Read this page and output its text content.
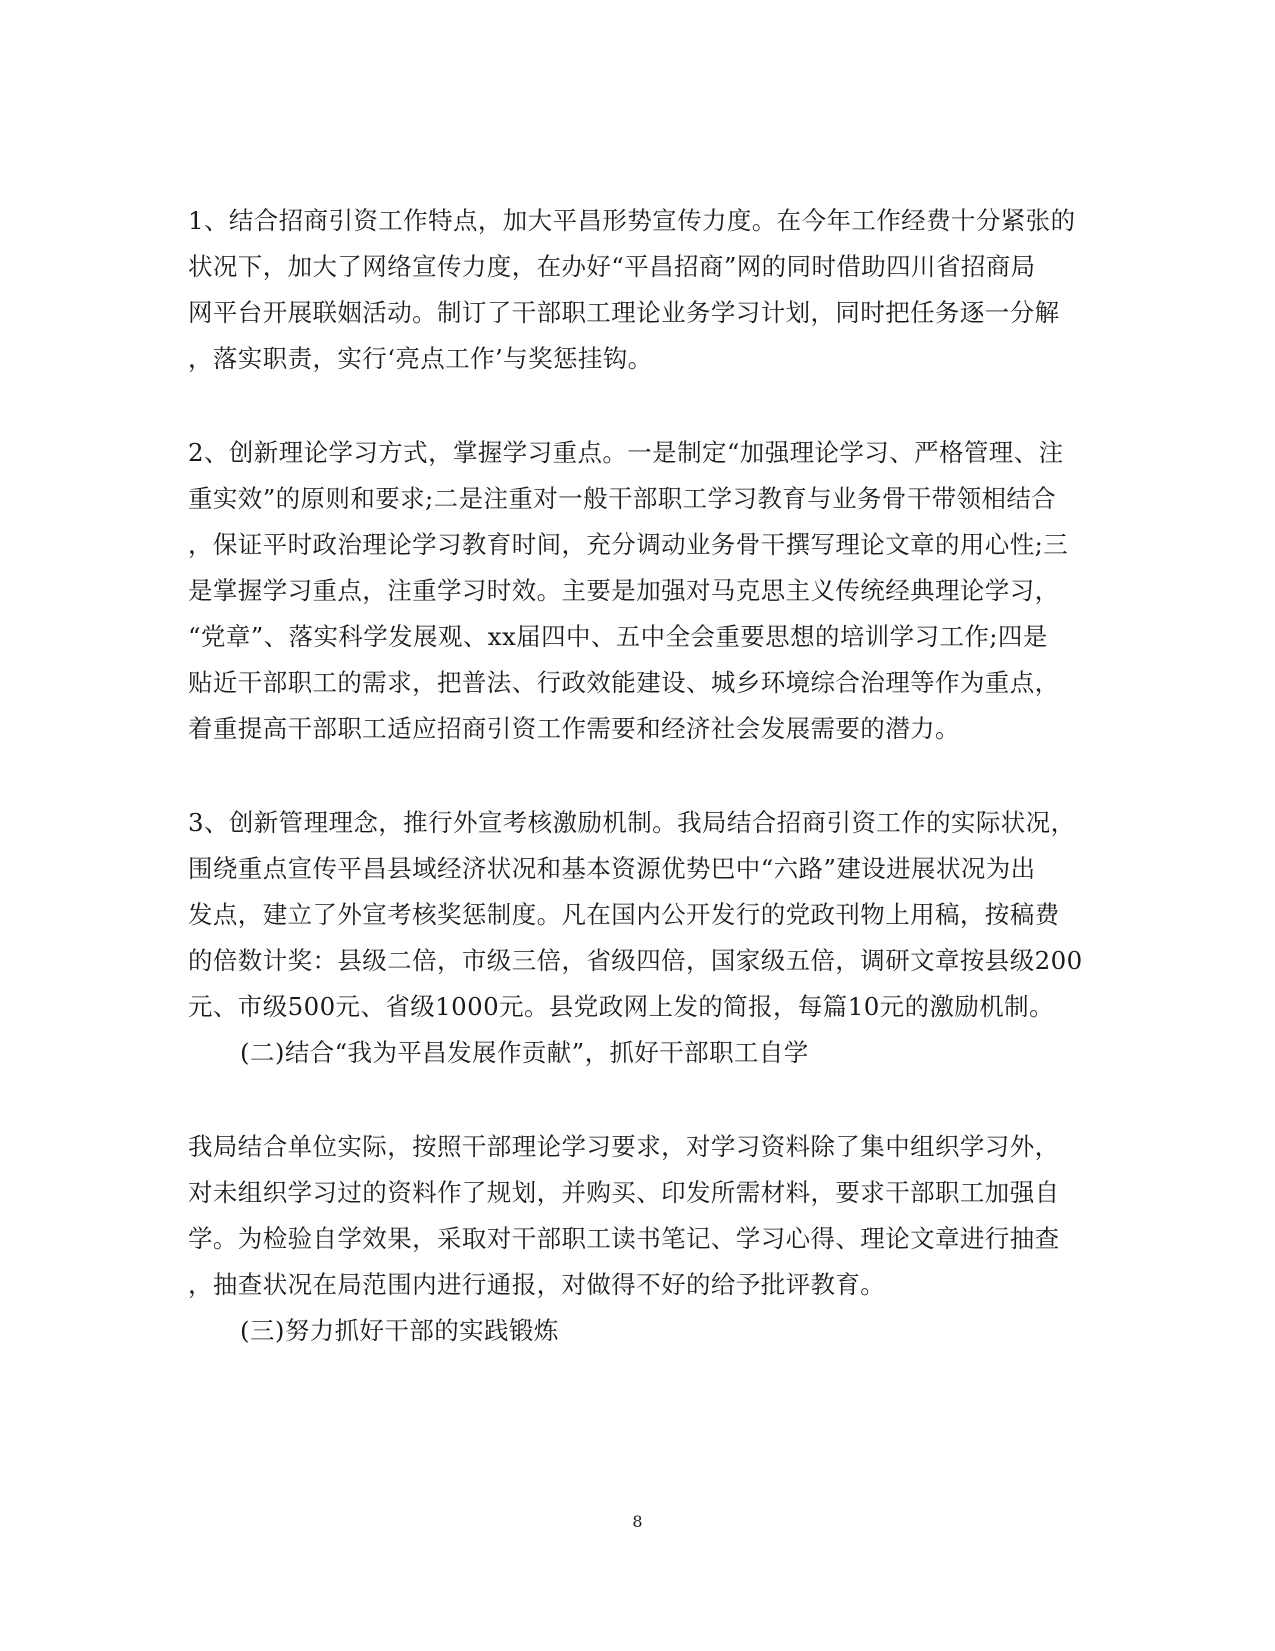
1、结合招商引资工作特点，加大平昌形势宣传力度。在今年工作经费十分紧张的
状况下，加大了网络宣传力度，在办好“平昌招商”网的同时借助四川省招商局
网平台开展联姻活动。制订了干部职工理论业务学习计划，同时把任务逐一分解
，落实职责，实行‘亮点工作’与奖惩挂钩。
2、创新理论学习方式，掌握学习重点。一是制定“加强理论学习、严格管理、注
重实效”的原则和要求;二是注重对一般干部职工学习教育与业务骨干带领相结合
，保证平时政治理论学习教育时间，充分调动业务骨干撰写理论文章的用心性;三
是掌握学习重点，注重学习时效。主要是加强对马克思主义传统经典理论学习，
“党章”、落实科学发展观、xx届四中、五中全会重要思想的培训学习工作;四是
贴近干部职工的需求，把普法、行政效能建设、城乡环境综合治理等作为重点，
着重提高干部职工适应招商引资工作需要和经济社会发展需要的潜力。
3、创新管理理念，推行外宣考核激励机制。我局结合招商引资工作的实际状况，
围绕重点宣传平昌县域经济状况和基本资源优势巴中“六路”建设进展状况为出
发点，建立了外宣考核奖惩制度。凡在国内公开发行的党政刊物上用稿，按稿费
的倍数计奖：县级二倍，市级三倍，省级四倍，国家级五倍，调研文章按县级200
元、市级500元、省级1000元。县党政网上发的简报，每篇10元的激励机制。
(二)结合“我为平昌发展作贡献”，抓好干部职工自学
我局结合单位实际，按照干部理论学习要求，对学习资料除了集中组织学习外，
对未组织学习过的资料作了规划，并购买、印发所需材料，要求干部职工加强自
学。为检验自学效果，采取对干部职工读书笔记、学习心得、理论文章进行抽查
，抽查状况在局范围内进行通报，对做得不好的给予批评教育。
(三)努力抓好干部的实践锻炼
8
